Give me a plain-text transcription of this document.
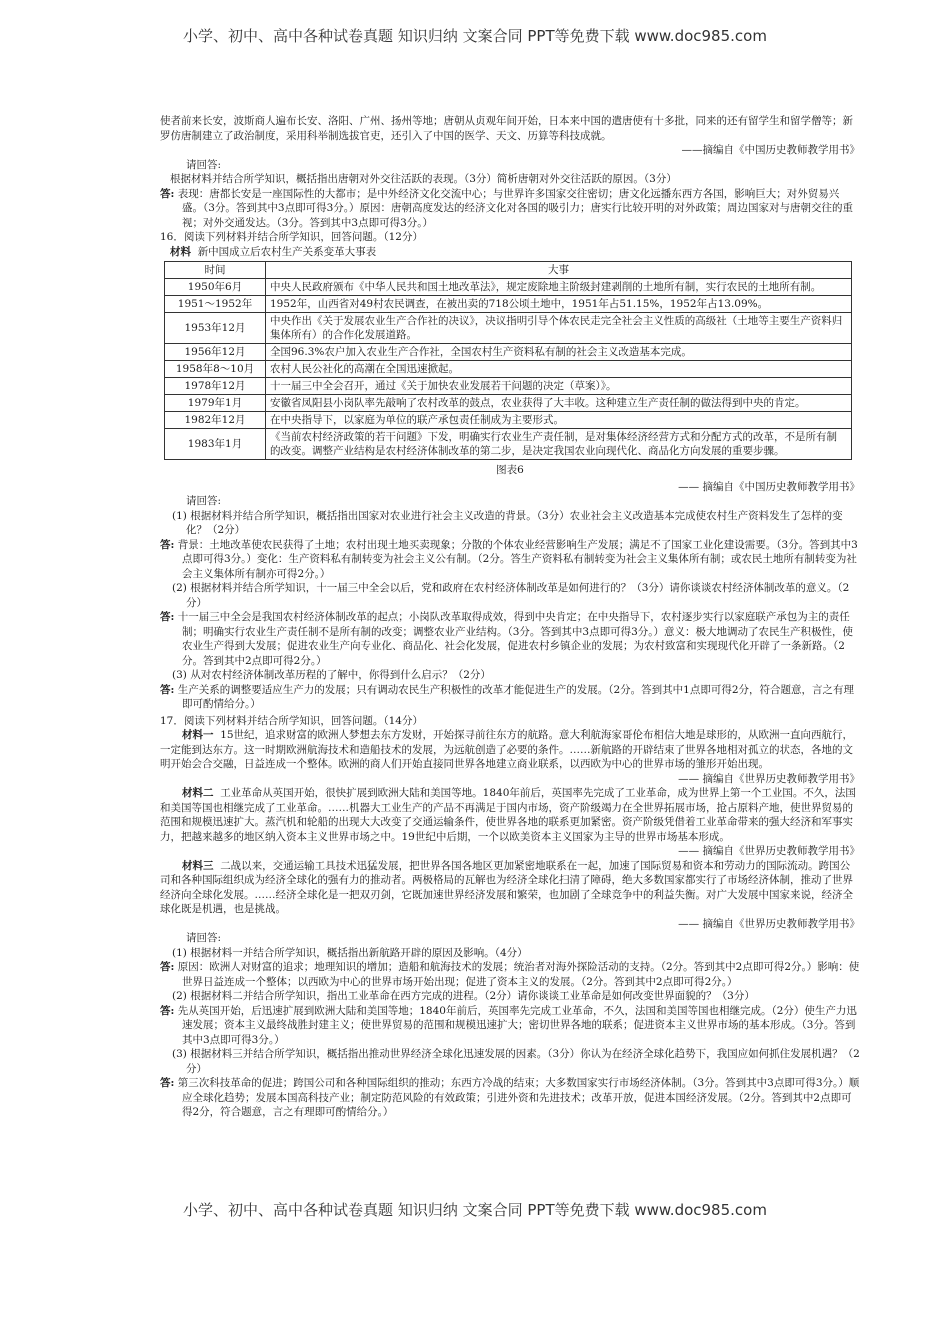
小学、初中、高中各种试卷真题 知识归纳 文案合同 PPT等免费下载 www.doc985.com

使者前来长安，波斯商人遍布长安、洛阳、广州、扬州等地；唐朝从贞观年间开始，日本来中国的遣唐使有十多批，同来的还有留学生和留学僧等；新罗仿唐制建立了政治制度，采用科举制选拔官吏，还引入了中国的医学、天文、历算等科技成就。

——摘编自《中国历史教师教学用书》

请回答:

根据材料并结合所学知识，概括指出唐朝对外交往活跃的表现。（3分）简析唐朝对外交往活跃的原因。（3分）

答: 表现：唐都长安是一座国际性的大都市；是中外经济文化交流中心；与世界许多国家交往密切；唐文化远播东西方各国，影响巨大；对外贸易兴盛。（3分。答到其中3点即可得3分。）原因：唐朝高度发达的经济文化对各国的吸引力；唐实行比较开明的对外政策；周边国家对与唐朝交往的重视；对外交通发达。（3分。答到其中3点即可得3分。）

16．阅读下列材料并结合所学知识，回答问题。（12分）

材料 新中国成立后农村生产关系变革大事表

时间	大事
1950年6月	中央人民政府颁布《中华人民共和国土地改革法》，规定废除地主阶级封建剥削的土地所有制，实行农民的土地所有制。
1951～1952年	1952年，山西省对49村农民调查，在被出卖的718公顷土地中，1951年占51.15%，1952年占13.09%。
1953年12月	中央作出《关于发展农业生产合作社的决议》，决议指明引导个体农民走完全社会主义性质的高级社（土地等主要生产资料归集体所有）的合作化发展道路。
1956年12月	全国96.3%农户加入农业生产合作社，全国农村生产资料私有制的社会主义改造基本完成。
1958年8～10月	农村人民公社化的高潮在全国迅速掀起。
1978年12月	十一届三中全会召开，通过《关于加快农业发展若干问题的决定（草案）》。
1979年1月	安徽省凤阳县小岗队率先敲响了农村改革的鼓点，农业获得了大丰收。这种建立生产责任制的做法得到中央的肯定。
1982年12月	在中央指导下，以家庭为单位的联产承包责任制成为主要形式。
1983年1月	《当前农村经济政策的若干问题》下发，明确实行农业生产责任制，是对集体经济经营方式和分配方式的改革，不是所有制的改变。调整产业结构是农村经济体制改革的第二步，是决定我国农业向现代化、商品化方向发展的重要步骤。

图表6

—— 摘编自《中国历史教师教学用书》

请回答:

(1) 根据材料并结合所学知识，概括指出国家对农业进行社会主义改造的背景。（3分）农业社会主义改造基本完成使农村生产资料发生了怎样的变化？（2分）

答: 背景：土地改革使农民获得了土地；农村出现土地买卖现象；分散的个体农业经营影响生产发展；满足不了国家工业化建设需要。（3分。答到其中3点即可得3分。）变化：生产资料私有制转变为社会主义公有制。（2分。答生产资料私有制转变为社会主义集体所有制；或农民土地所有制转变为社会主义集体所有制亦可得2分。）

(2) 根据材料并结合所学知识，十一届三中全会以后，党和政府在农村经济体制改革是如何进行的？（3分）请你谈谈农村经济体制改革的意义。（2分）

答: 十一届三中全会是我国农村经济体制改革的起点；小岗队改革取得成效，得到中央肯定；在中央指导下，农村逐步实行以家庭联产承包为主的责任制；明确实行农业生产责任制不是所有制的改变；调整农业产业结构。（3分。答到其中3点即可得3分。）意义：极大地调动了农民生产积极性，使农业生产得到大发展；促进农业生产向专业化、商品化、社会化发展，促进农村乡镇企业的发展；为农村致富和实现现代化开辟了一条新路。（2分。答到其中2点即可得2分。）

(3) 从对农村经济体制改革历程的了解中，你得到什么启示？（2分）

答: 生产关系的调整要适应生产力的发展；只有调动农民生产积极性的改革才能促进生产的发展。（2分。答到其中1点即可得2分，符合题意，言之有理即可酌情给分。）

17．阅读下列材料并结合所学知识，回答问题。（14分）

材料一 15世纪，追求财富的欧洲人梦想去东方发财，开始探寻前往东方的航路。意大利航海家哥伦布相信大地是球形的，从欧洲一直向西航行，一定能到达东方。这一时期欧洲航海技术和造船技术的发展，为远航创造了必要的条件。……新航路的开辟结束了世界各地相对孤立的状态，各地的文明开始会合交融，日益连成一个整体。欧洲的商人们开始直接同世界各地建立商业联系，以西欧为中心的世界市场的雏形开始出现。

—— 摘编自《世界历史教师教学用书》

材料二 工业革命从英国开始，很快扩展到欧洲大陆和美国等地。1840年前后，英国率先完成了工业革命，成为世界上第一个工业国。不久，法国和美国等国也相继完成了工业革命。……机器大工业生产的产品不再满足于国内市场，资产阶级竭力在全世界拓展市场，抢占原料产地，使世界贸易的范围和规模迅速扩大。蒸汽机和轮船的出现大大改变了交通运输条件，使世界各地的联系更加紧密。资产阶级凭借着工业革命带来的强大经济和军事实力，把越来越多的地区纳入资本主义世界市场之中。19世纪中后期，一个以欧美资本主义国家为主导的世界市场基本形成。

—— 摘编自《世界历史教师教学用书》

材料三 二战以来，交通运输工具技术迅猛发展，把世界各国各地区更加紧密地联系在一起，加速了国际贸易和资本和劳动力的国际流动。跨国公司和各种国际组织成为经济全球化的强有力的推动者。两极格局的瓦解也为经济全球化扫清了障碍，绝大多数国家都实行了市场经济体制，推动了世界经济向全球化发展。……经济全球化是一把双刃剑，它既加速世界经济发展和繁荣，也加剧了全球竞争中的利益失衡。对广大发展中国家来说，经济全球化既是机遇，也是挑战。

—— 摘编自《世界历史教师教学用书》

请回答:

(1) 根据材料一并结合所学知识，概括指出新航路开辟的原因及影响。（4分）

答: 原因：欧洲人对财富的追求；地理知识的增加；造船和航海技术的发展；统治者对海外探险活动的支持。（2分。答到其中2点即可得2分。）影响：使世界日益连成一个整体；以西欧为中心的世界市场开始出现；促进了资本主义的发展。（2分。答到其中2点即可得2分。）

(2) 根据材料二并结合所学知识，指出工业革命在西方完成的进程。（2分）请你谈谈工业革命是如何改变世界面貌的？（3分）

答: 先从英国开始，后迅速扩展到欧洲大陆和美国等地；1840年前后，英国率先完成工业革命，不久，法国和美国等国也相继完成。（2分）使生产力迅速发展；资本主义最终战胜封建主义；使世界贸易的范围和规模迅速扩大；密切世界各地的联系；促进资本主义世界市场的基本形成。（3分。答到其中3点即可得3分。）

(3) 根据材料三并结合所学知识，概括指出推动世界经济全球化迅速发展的因素。（3分）你认为在经济全球化趋势下，我国应如何抓住发展机遇？（2分）

答: 第三次科技革命的促进；跨国公司和各种国际组织的推动；东西方冷战的结束；大多数国家实行市场经济体制。（3分。答到其中3点即可得3分。）顺应全球化趋势；发展本国高科技产业；制定防范风险的有效政策；引进外资和先进技术；改革开放，促进本国经济发展。（2分。答到其中2点即可得2分，符合题意，言之有理即可酌情给分。）

小学、初中、高中各种试卷真题 知识归纳 文案合同 PPT等免费下载 www.doc985.com
